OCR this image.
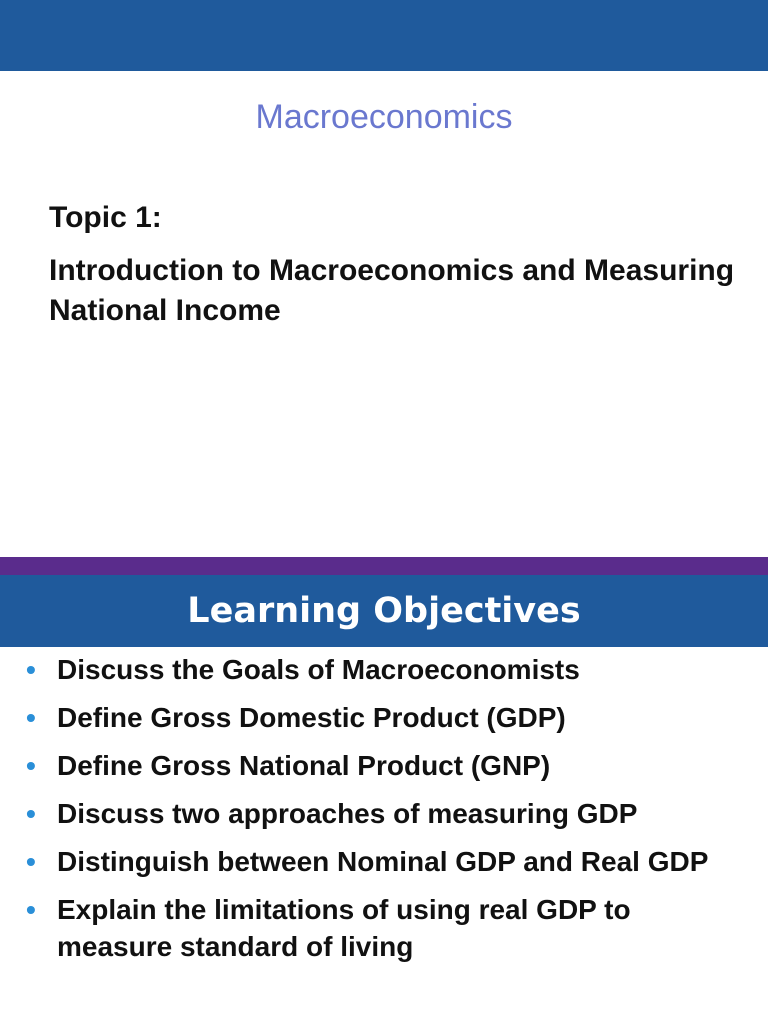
Macroeconomics
Topic 1:
Introduction to Macroeconomics and Measuring National Income
Learning Objectives
• Discuss the Goals of Macroeconomists
• Define Gross Domestic Product (GDP)
• Define Gross National Product (GNP)
• Discuss two approaches of measuring GDP
• Distinguish between Nominal GDP and Real GDP
• Explain the limitations of using real GDP to measure standard of living
